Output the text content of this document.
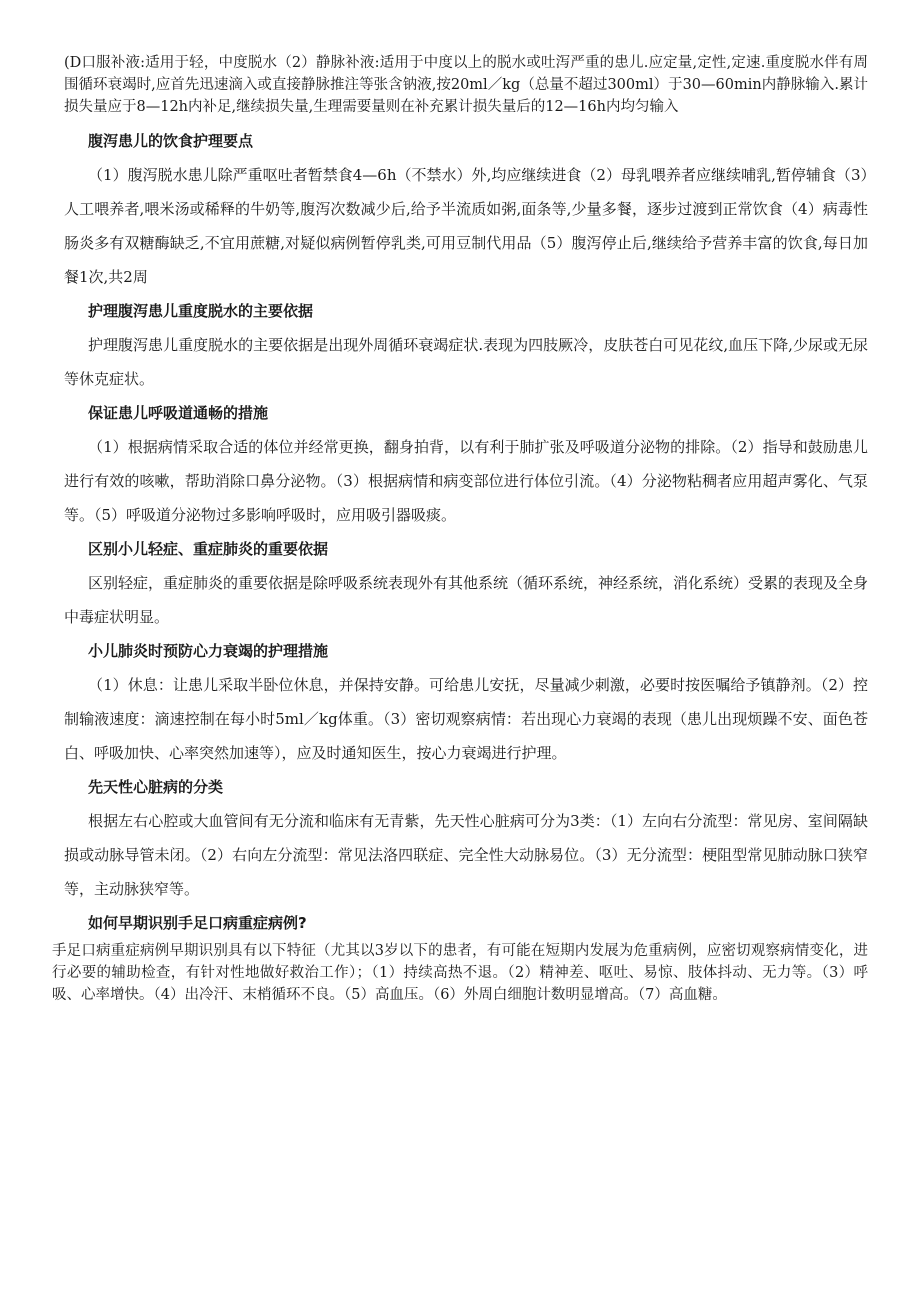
(D口服补液:适用于轻，中度脱水（2）静脉补液:适用于中度以上的脱水或吐泻严重的患儿.应定量,定性,定速.重度脱水伴有周围循环衰竭时,应首先迅速滴入或直接静脉推注等张含钠液,按20ml／kg（总量不超过300ml）于30—60min内静脉输入.累计损失量应于8—12h内补足,继续损失量,生理需要量则在补充累计损失量后的12—16h内均匀输入

腹泻患儿的饮食护理要点

（1）腹泻脱水患儿除严重呕吐者暂禁食4—6h（不禁水）外,均应继续进食（2）母乳喂养者应继续哺乳,暂停辅食（3）人工喂养者,喂米汤或稀释的牛奶等,腹泻次数减少后,给予半流质如粥,面条等,少量多餐，逐步过渡到正常饮食（4）病毒性肠炎多有双糖酶缺乏,不宜用蔗糖,对疑似病例暂停乳类,可用豆制代用品（5）腹泻停止后,继续给予营养丰富的饮食,每日加餐1次,共2周

护理腹泻患儿重度脱水的主要依据

护理腹泻患儿重度脱水的主要依据是出现外周循环衰竭症状.表现为四肢厥冷，皮肤苍白可见花纹,血压下降,少尿或无尿等休克症状。

保证患儿呼吸道通畅的措施

（1）根据病情采取合适的体位并经常更换，翻身拍背，以有利于肺扩张及呼吸道分泌物的排除。（2）指导和鼓励患儿进行有效的咳嗽，帮助消除口鼻分泌物。（3）根据病情和病变部位进行体位引流。（4）分泌物粘稠者应用超声雾化、气泵等。（5）呼吸道分泌物过多影响呼吸时，应用吸引器吸痰。

区别小儿轻症、重症肺炎的重要依据

区别轻症，重症肺炎的重要依据是除呼吸系统表现外有其他系统（循环系统，神经系统，消化系统）受累的表现及全身中毒症状明显。

小儿肺炎时预防心力衰竭的护理措施

（1）休息：让患儿采取半卧位休息，并保持安静。可给患儿安抚，尽量减少刺激，必要时按医嘱给予镇静剂。（2）控制输液速度：滴速控制在每小时5ml／kg体重。（3）密切观察病情：若出现心力衰竭的表现（患儿出现烦躁不安、面色苍白、呼吸加快、心率突然加速等），应及时通知医生，按心力衰竭进行护理。

先天性心脏病的分类

根据左右心腔或大血管间有无分流和临床有无青紫，先天性心脏病可分为3类：（1）左向右分流型：常见房、室间隔缺损或动脉导管未闭。（2）右向左分流型：常见法洛四联症、完全性大动脉易位。（3）无分流型：梗阻型常见肺动脉口狭窄等，主动脉狭窄等。

如何早期识别手足口病重症病例?

手足口病重症病例早期识别具有以下特征（尤其以3岁以下的患者，有可能在短期内发展为危重病例，应密切观察病情变化，进行必要的辅助检查，有针对性地做好救治工作）；（1）持续高热不退。（2）精神差、呕吐、易惊、肢体抖动、无力等。（3）呼吸、心率增快。（4）出冷汗、末梢循环不良。（5）高血压。（6）外周白细胞计数明显增高。（7）高血糖。
